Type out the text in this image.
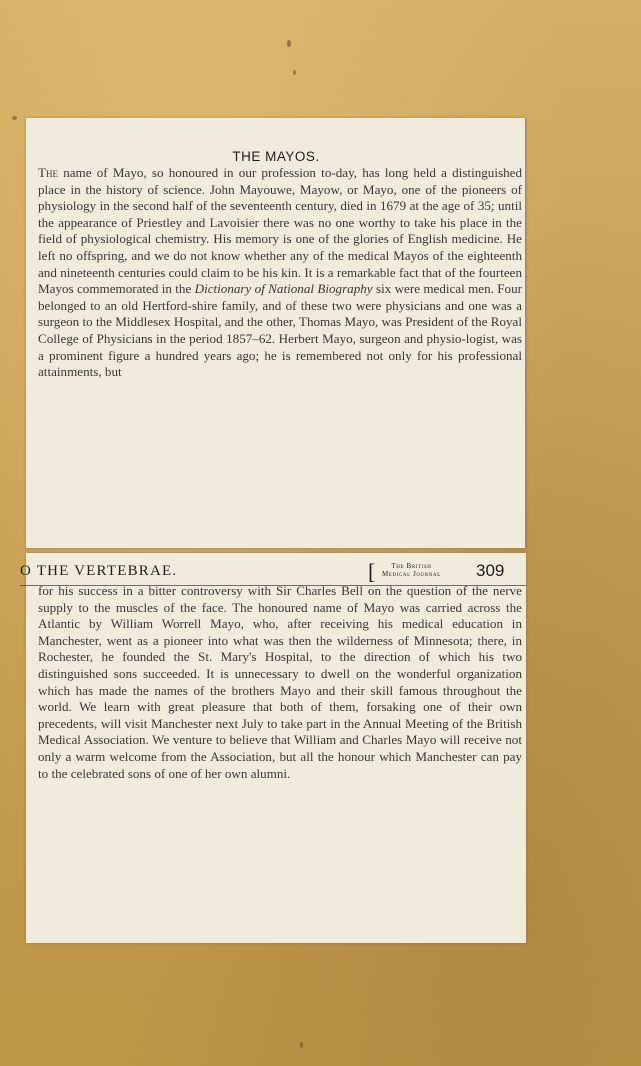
THE MAYOS.

The name of Mayo, so honoured in our profession to-day, has long held a distinguished place in the history of science. John Mayouwe, Mayow, or Mayo, one of the pioneers of physiology in the second half of the seventeenth century, died in 1679 at the age of 35; until the appearance of Priestley and Lavoisier there was no one worthy to take his place in the field of physiological chemistry. His memory is one of the glories of English medicine. He left no offspring, and we do not know whether any of the medical Mayos of the eighteenth and nineteenth centuries could claim to be his kin. It is a remarkable fact that of the fourteen Mayos commemorated in the Dictionary of National Biography six were medical men. Four belonged to an old Hertford-shire family, and of these two were physicians and one was a surgeon to the Middlesex Hospital, and the other, Thomas Mayo, was President of the Royal College of Physicians in the period 1857–62. Herbert Mayo, surgeon and physio-logist, was a prominent figure a hundred years ago; he is remembered not only for his professional attainments, but

O THE VERTEBRAE.	[	The British
Medical Journal 309

for his success in a bitter controversy with Sir Charles Bell on the question of the nerve supply to the muscles of the face. The honoured name of Mayo was carried across the Atlantic by William Worrell Mayo, who, after receiving his medical education in Manchester, went as a pioneer into what was then the wilderness of Minnesota; there, in Rochester, he founded the St. Mary's Hospital, to the direction of which his two distinguished sons succeeded. It is unnecessary to dwell on the wonderful organization which has made the names of the brothers Mayo and their skill famous throughout the world. We learn with great pleasure that both of them, forsaking one of their own precedents, will visit Manchester next July to take part in the Annual Meeting of the British Medical Association. We venture to believe that William and Charles Mayo will receive not only a warm welcome from the Association, but all the honour which Manchester can pay to the celebrated sons of one of her own alumni.
